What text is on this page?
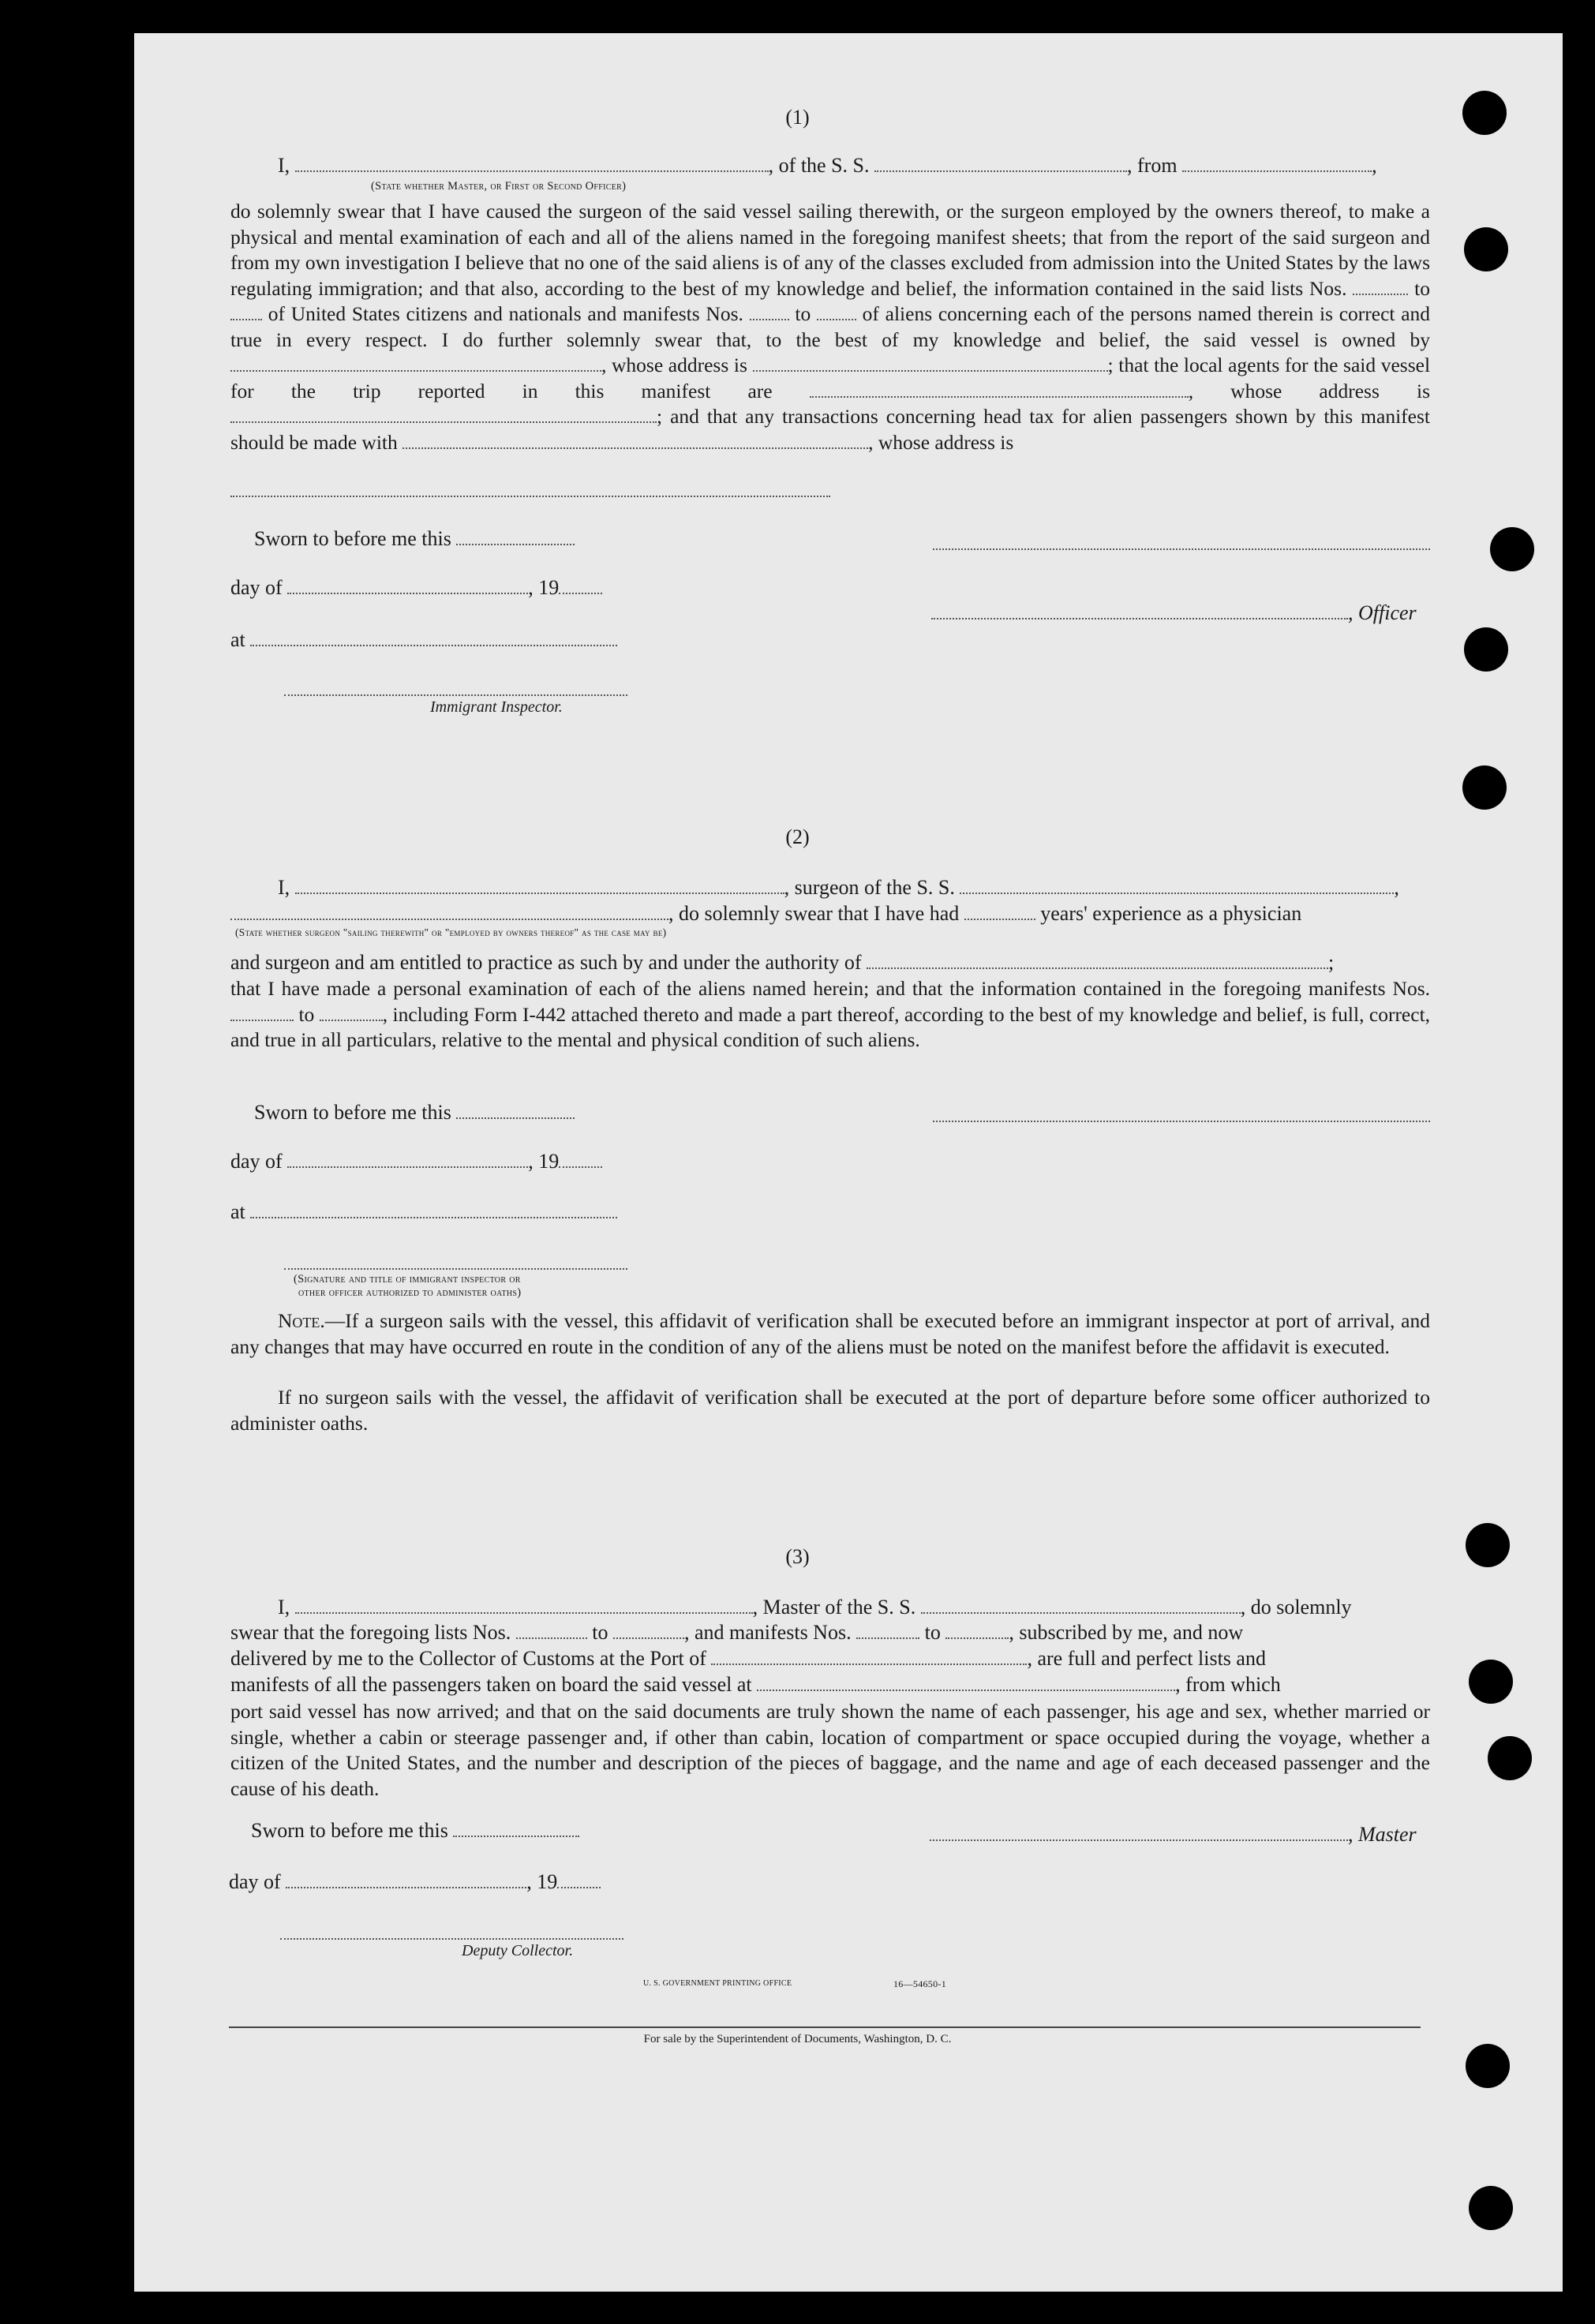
(1)
I,	, of the S. S.	, from	,
(State whether Master, or First or Second Officer)
do solemnly swear that I have caused the surgeon of the said vessel sailing therewith, or the surgeon employed by the owners thereof, to make a physical and mental examination of each and all of the aliens named in the foregoing manifest sheets; that from the report of the said surgeon and from my own investigation I believe that no one of the said aliens is of any of the classes excluded from admission into the United States by the laws regulating immigration; and that also, according to the best of my knowledge and belief, the information contained in the said lists Nos.	to  of United States citizens and nationals and manifests Nos.	to	of aliens concerning each of the persons named therein is correct and true in every respect. I do further solemnly swear that, to the best of my knowledge and belief, the said vessel is owned by , whose address is	; that the local agents for the said vessel for the trip reported in this manifest are	, whose address is ; and that any transactions concerning head tax for alien passengers shown by this manifest should be made with	, whose address is
Sworn to before me this
day of	, 19
, Officer
at
Immigrant Inspector.
(2)
I,	, surgeon of the S. S.	,
, do solemnly swear that I have had	years' experience as a physician
(State whether surgeon "sailing therewith" or "employed by owners thereof" as the case may be)
and surgeon and am entitled to practice as such by and under the authority of	;
that I have made a personal examination of each of the aliens named herein; and that the information contained in the foregoing manifests Nos.  to	, including Form I-442 attached thereto and made a part thereof, according to the best of my knowledge and belief, is full, correct, and true in all particulars, relative to the mental and physical condition of such aliens.
Sworn to before me this
day of	, 19
at
(Signature and title of immigrant inspector or
other officer authorized to administer oaths)
Note.—If a surgeon sails with the vessel, this affidavit of verification shall be executed before an immigrant inspector at port of arrival, and any changes that may have occurred en route in the condition of any of the aliens must be noted on the manifest before the affidavit is executed.
If no surgeon sails with the vessel, the affidavit of verification shall be executed at the port of departure before some officer authorized to administer oaths.
(3)
I,	, Master of the S. S.	, do solemnly
swear that the foregoing lists Nos.	to	, and manifests Nos.	to	, subscribed by me, and now
delivered by me to the Collector of Customs at the Port of	, are full and perfect lists and
manifests of all the passengers taken on board the said vessel at	, from which
port said vessel has now arrived; and that on the said documents are truly shown the name of each passenger, his age and sex, whether married or single, whether a cabin or steerage passenger and, if other than cabin, location of compartment or space occupied during the voyage, whether a citizen of the United States, and the number and description of the pieces of baggage, and the name and age of each deceased passenger and the cause of his death.
Sworn to before me this	, Master
day of	, 19
Deputy Collector.
U. S. GOVERNMENT PRINTING OFFICE	16—54650-1
For sale by the Superintendent of Documents, Washington, D. C.
